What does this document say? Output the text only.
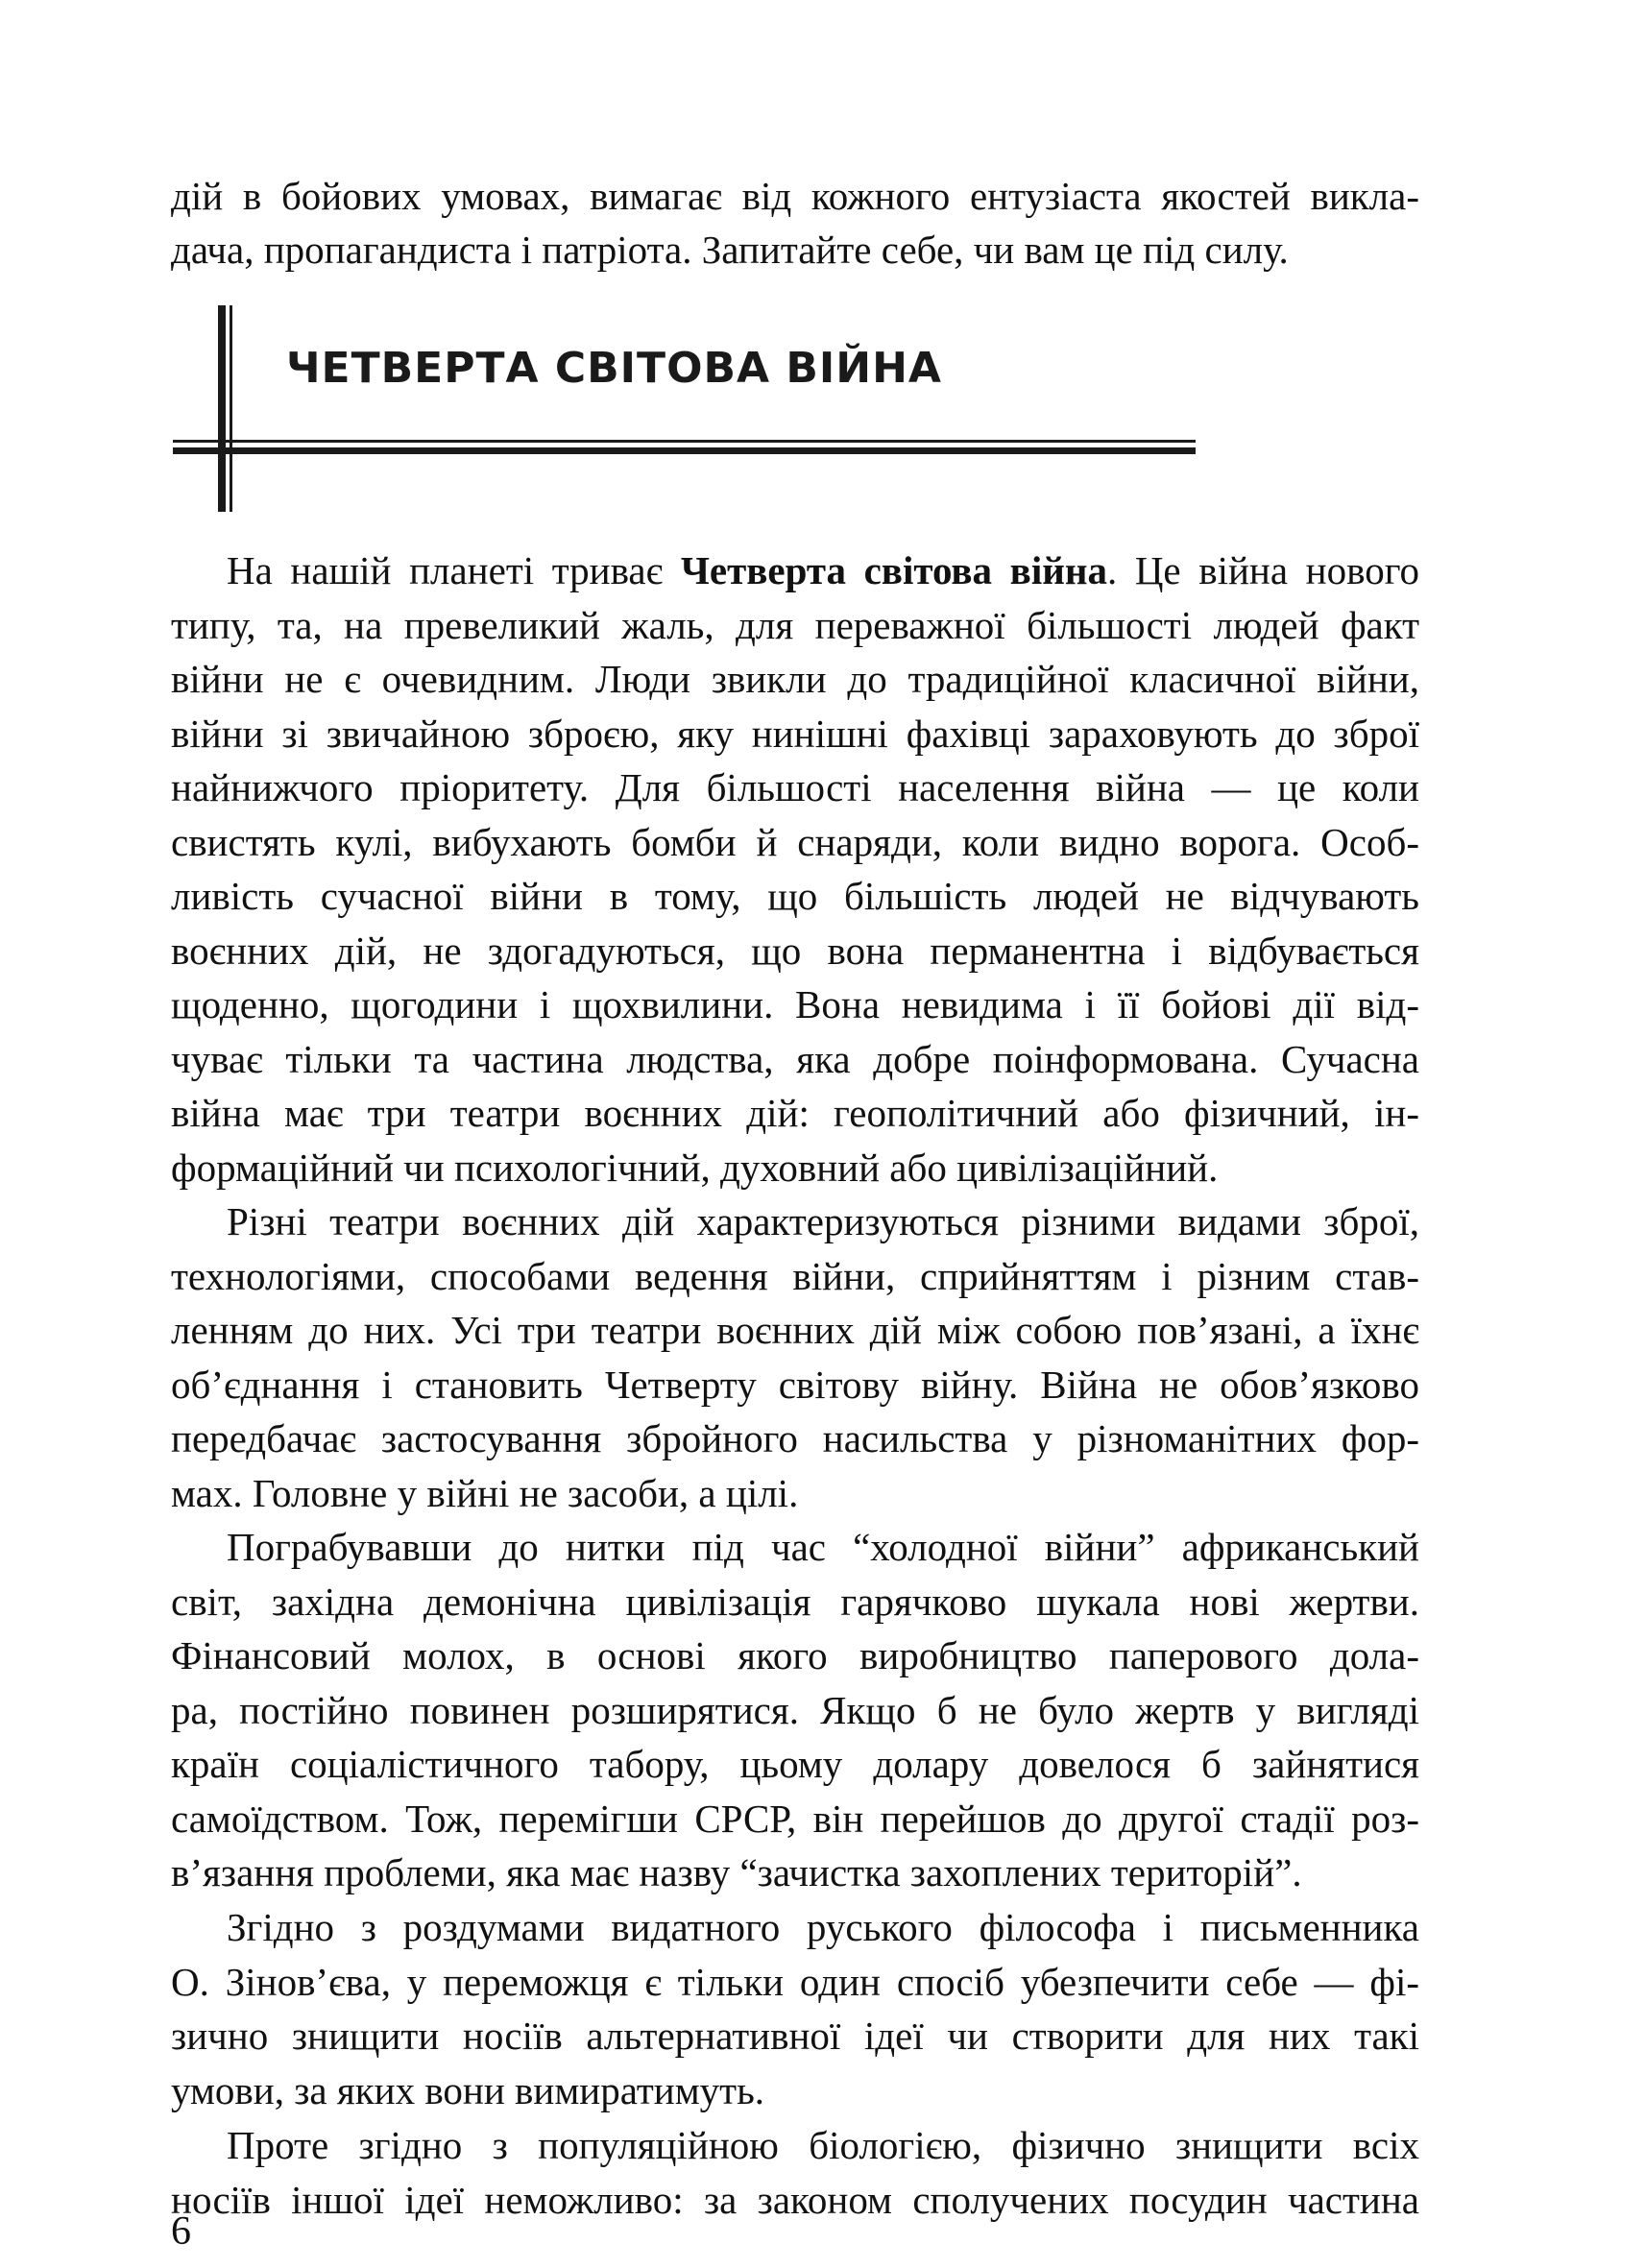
дій в бойових умовах, вимагає від кожного ентузіаста якостей викла-
дача, пропагандиста і патріота. Запитайте себе, чи вам це під силу.
ЧЕТВЕРТА СВІТОВА ВІЙНА
На нашій планеті триває Четверта світова війна. Це війна нового
типу, та, на превеликий жаль, для переважної більшості людей факт
війни не є очевидним. Люди звикли до традиційної класичної війни,
війни зі звичайною зброєю, яку нинішні фахівці зараховують до зброї
найнижчого пріоритету. Для більшості населення війна — це коли
свистять кулі, вибухають бомби й снаряди, коли видно ворога. Особ-
ливість сучасної війни в тому, що більшість людей не відчувають
воєнних дій, не здогадуються, що вона перманентна і відбувається
щоденно, щогодини і щохвилини. Вона невидима і її бойові дії від-
чуває тільки та частина людства, яка добре поінформована. Сучасна
війна має три театри воєнних дій: геополітичний або фізичний, ін-
формаційний чи психологічний, духовний або цивілізаційний.
Різні театри воєнних дій характеризуються різними видами зброї,
технологіями, способами ведення війни, сприйняттям і різним став-
ленням до них. Усі три театри воєнних дій між собою пов’язані, а їхнє
об’єднання і становить Четверту світову війну. Війна не обов’язково
передбачає застосування збройного насильства у різноманітних фор-
мах. Головне у війні не засоби, а цілі.
Пограбувавши до нитки під час “холодної війни” африканський
світ, західна демонічна цивілізація гарячково шукала нові жертви.
Фінансовий молох, в основі якого виробництво паперового дола-
ра, постійно повинен розширятися. Якщо б не було жертв у вигляді
країн соціалістичного табору, цьому долару довелося б зайнятися
самоїдством. Тож, перемігши СРСР, він перейшов до другої стадії роз-
в’язання проблеми, яка має назву “зачистка захоплених територій”.
Згідно з роздумами видатного руського філософа і письменника
О. Зінов’єва, у переможця є тільки один спосіб убезпечити себе — фі-
зично знищити носіїв альтернативної ідеї чи створити для них такі
умови, за яких вони вимиратимуть.
Проте згідно з популяційною біологією, фізично знищити всіх
носіїв іншої ідеї неможливо: за законом сполучених посудин частина
6
